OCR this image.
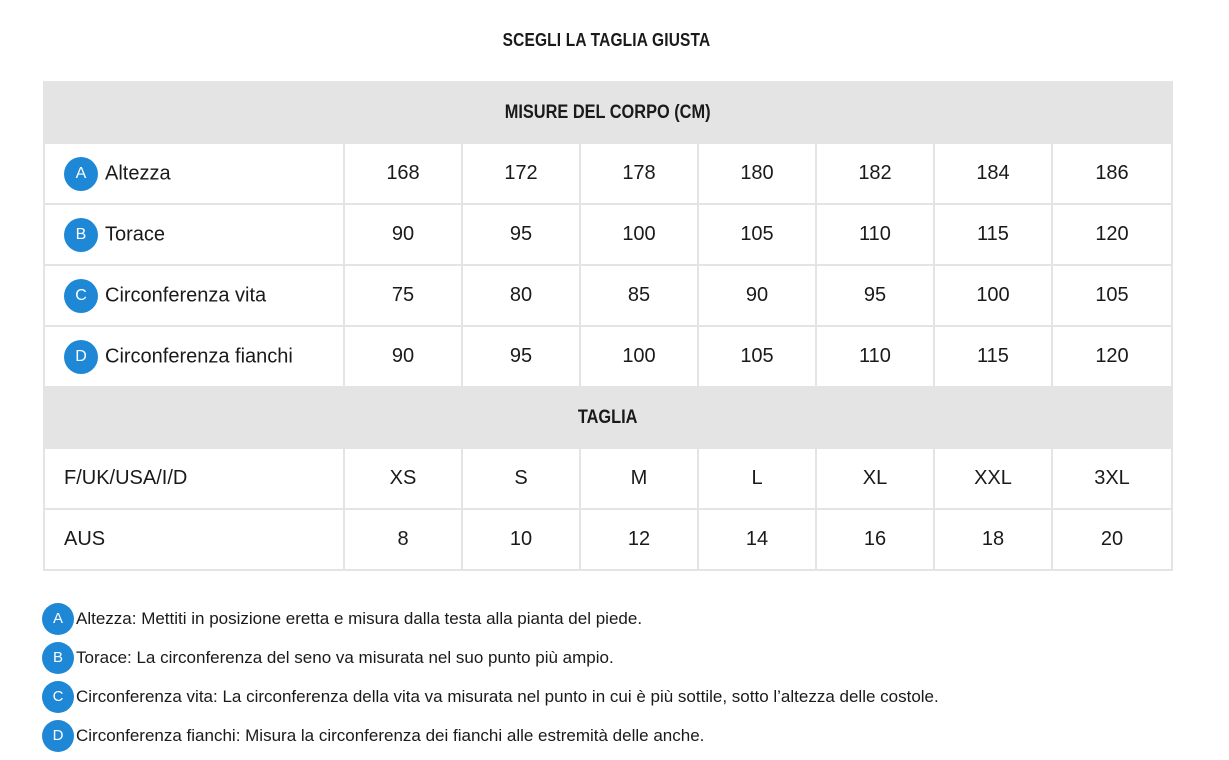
SCEGLI LA TAGLIA GIUSTA
MISURE DEL CORPO (CM)							
A Altezza	168	172	178	180	182	184	186
B Torace	90	95	100	105	110	115	120
C Circonferenza vita	75	80	85	90	95	100	105
D Circonferenza fianchi	90	95	100	105	110	115	120
TAGLIA							
F/UK/USA/I/D	XS	S	M	L	XL	XXL	3XL
AUS	8	10	12	14	16	18	20
A Altezza: Mettiti in posizione eretta e misura dalla testa alla pianta del piede.
B Torace: La circonferenza del seno va misurata nel suo punto più ampio.
C Circonferenza vita: La circonferenza della vita va misurata nel punto in cui è più sottile, sotto l’altezza delle costole.
D Circonferenza fianchi: Misura la circonferenza dei fianchi alle estremità delle anche.
